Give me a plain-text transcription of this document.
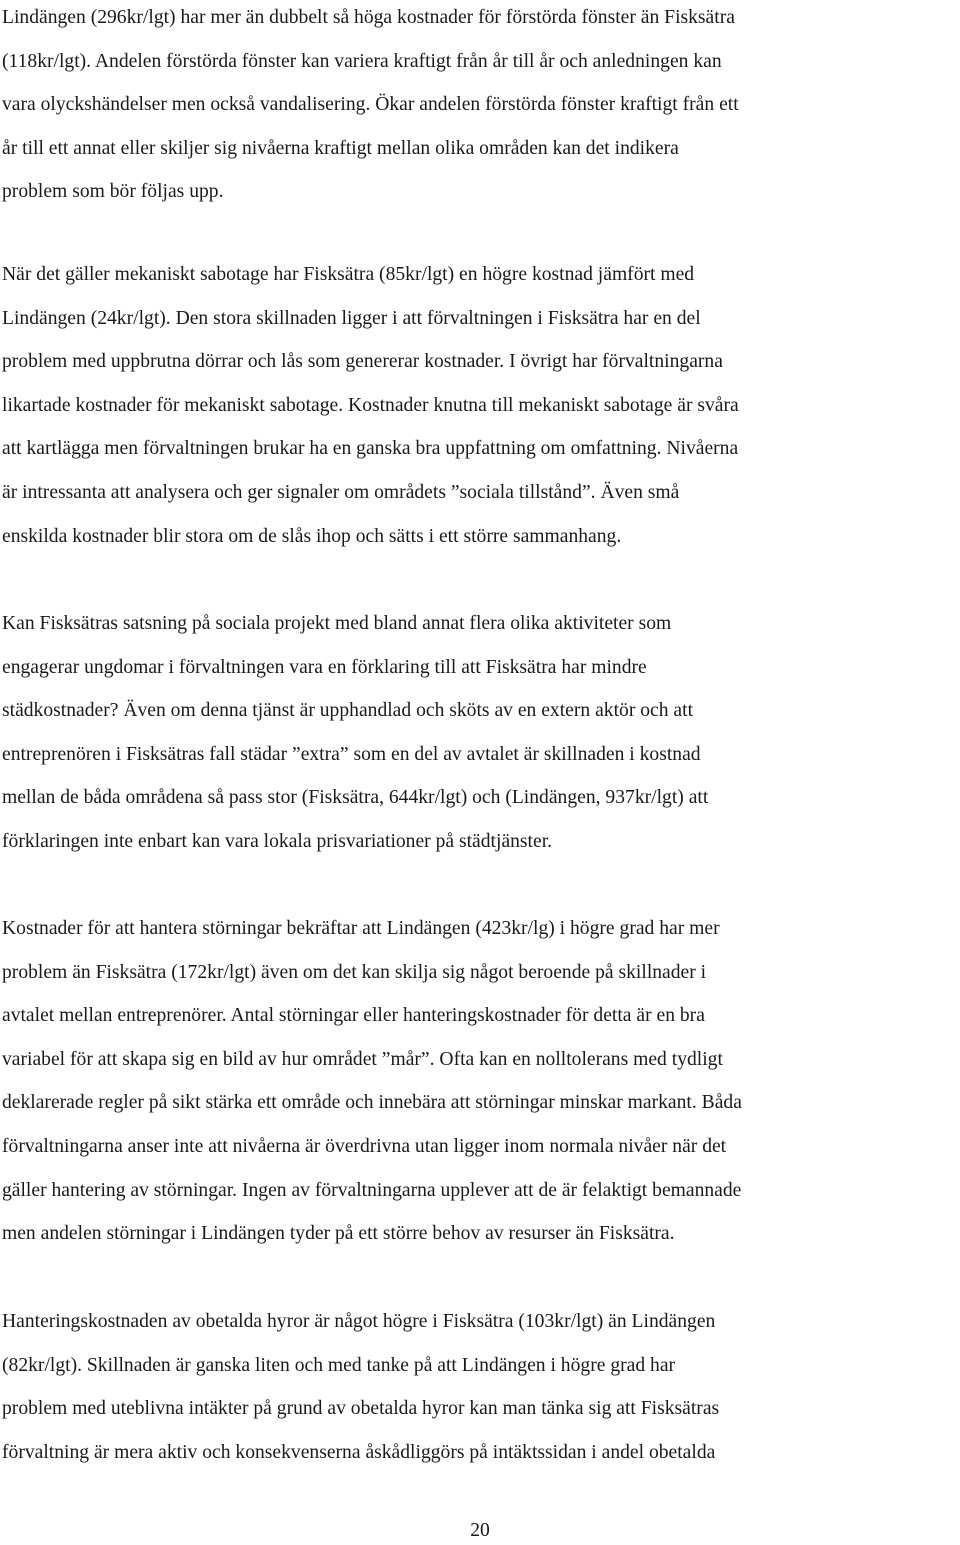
Lindängen (296kr/lgt) har mer än dubbelt så höga kostnader för förstörda fönster än Fisksätra
(118kr/lgt). Andelen förstörda fönster kan variera kraftigt från år till år och anledningen kan
vara olyckshändelser men också vandalisering. Ökar andelen förstörda fönster kraftigt från ett
år till ett annat eller skiljer sig nivåerna kraftigt mellan olika områden kan det indikera
problem som bör följas upp.
När det gäller mekaniskt sabotage har Fisksätra (85kr/lgt) en högre kostnad jämfört med
Lindängen (24kr/lgt). Den stora skillnaden ligger i att förvaltningen i Fisksätra har en del
problem med uppbrutna dörrar och lås som genererar kostnader. I övrigt har förvaltningarna
likartade kostnader för mekaniskt sabotage. Kostnader knutna till mekaniskt sabotage är svåra
att kartlägga men förvaltningen brukar ha en ganska bra uppfattning om omfattning. Nivåerna
är intressanta att analysera och ger signaler om områdets ”sociala tillstånd”. Även små
enskilda kostnader blir stora om de slås ihop och sätts i ett större sammanhang.
Kan Fisksätras satsning på sociala projekt med bland annat flera olika aktiviteter som
engagerar ungdomar i förvaltningen vara en förklaring till att Fisksätra har mindre
städkostnader? Även om denna tjänst är upphandlad och sköts av en extern aktör och att
entreprenören i Fisksätras fall städar ”extra” som en del av avtalet är skillnaden i kostnad
mellan de båda områdena så pass stor (Fisksätra, 644kr/lgt) och (Lindängen, 937kr/lgt) att
förklaringen inte enbart kan vara lokala prisvariationer på städtjänster.
Kostnader för att hantera störningar bekräftar att Lindängen (423kr/lg) i högre grad har mer
problem än Fisksätra (172kr/lgt) även om det kan skilja sig något beroende på skillnader i
avtalet mellan entreprenörer. Antal störningar eller hanteringskostnader för detta är en bra
variabel för att skapa sig en bild av hur området ”mår”. Ofta kan en nolltolerans med tydligt
deklarerade regler på sikt stärka ett område och innebära att störningar minskar markant. Båda
förvaltningarna anser inte att nivåerna är överdrivna utan ligger inom normala nivåer när det
gäller hantering av störningar. Ingen av förvaltningarna upplever att de är felaktigt bemannade
men andelen störningar i Lindängen tyder på ett större behov av resurser än Fisksätra.
Hanteringskostnaden av obetalda hyror är något högre i Fisksätra (103kr/lgt) än Lindängen
(82kr/lgt). Skillnaden är ganska liten och med tanke på att Lindängen i högre grad har
problem med uteblivna intäkter på grund av obetalda hyror kan man tänka sig att Fisksätras
förvaltning är mera aktiv och konsekvenserna åskådliggörs på intäktssidan i andel obetalda
20
